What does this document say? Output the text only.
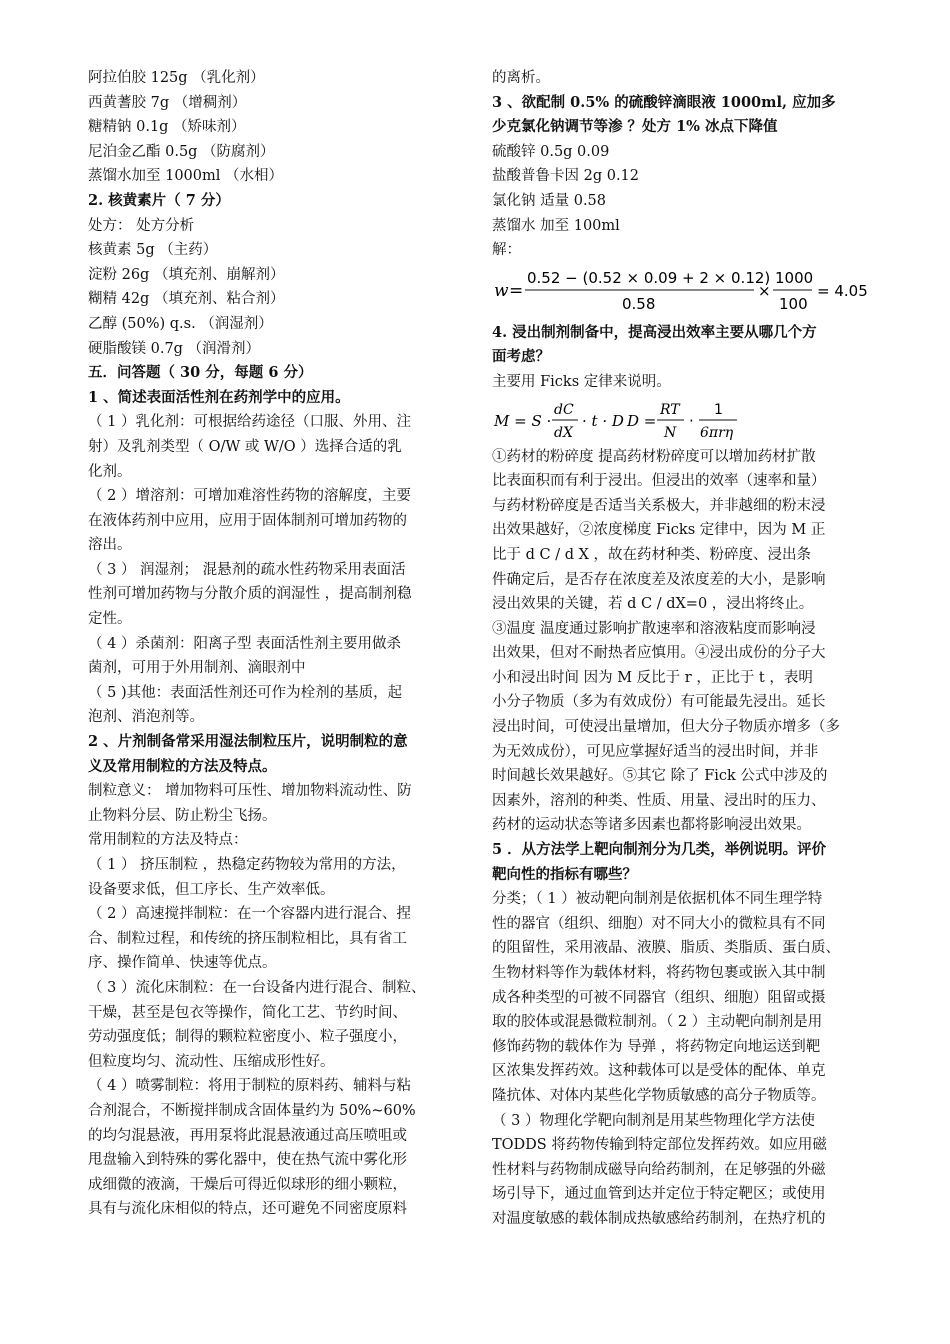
阿拉伯胶 125g （乳化剂）
西黄蓍胶 7g （增稠剂）
糖精钠 0.1g （矫味剂）
尼泊金乙酯 0.5g （防腐剂）
蒸馏水加至 1000ml （水相）
2. 核黄素片（ 7 分）
处方： 处方分析
核黄素 5g （主药）
淀粉 26g （填充剂、崩解剂）
糊精 42g （填充剂、粘合剂）
乙醇 (50%) q.s. （润湿剂）
硬脂酸镁 0.7g （润滑剂）
五．问答题（ 30 分，每题 6 分）
1 、简述表面活性剂在药剂学中的应用。
（ 1 ）乳化剂：可根据给药途径（口服、外用、注
射）及乳剂类型（ O/W 或 W/O ）选择合适的乳
化剂。
（ 2 ）增溶剂：可增加难溶性药物的溶解度，主要
在液体药剂中应用，应用于固体制剂可增加药物的
溶出。
（ 3 ） 润湿剂； 混悬剂的疏水性药物采用表面活
性剂可增加药物与分散介质的润湿性 ，提高制剂稳
定性。
（ 4 ）杀菌剂：阳离子型 表面活性剂主要用做杀
菌剂，可用于外用制剂、滴眼剂中
（ 5 )其他：表面活性剂还可作为栓剂的基质，起
泡剂、消泡剂等。
2 、片剂制备常采用湿法制粒压片，说明制粒的意
义及常用制粒的方法及特点。
制粒意义： 增加物料可压性、增加物料流动性、防
止物料分层、防止粉尘飞扬。
常用制粒的方法及特点：
（ 1 ） 挤压制粒 ，热稳定药物较为常用的方法，
设备要求低，但工序长、生产效率低。
（ 2 ）高速搅拌制粒：在一个容器内进行混合、捏
合、制粒过程，和传统的挤压制粒相比，具有省工
序、操作简单、快速等优点。
（ 3 ）流化床制粒：在一台设备内进行混合、制粒、
干燥，甚至是包衣等操作，简化工艺、节约时间、
劳动强度低；制得的颗粒粒密度小、粒子强度小，
但粒度均匀、流动性、压缩成形性好。
（ 4 ）喷雾制粒：将用于制粒的原料药、辅料与粘
合剂混合，不断搅拌制成含固体量约为 50%~60%
的均匀混悬液，再用泵将此混悬液通过高压喷咀或
甩盘输入到特殊的雾化器中，使在热气流中雾化形
成细微的液滴，干燥后可得近似球形的细小颗粒，
具有与流化床相似的特点，还可避免不同密度原料
的离析。
3 、欲配制 0.5% 的硫酸锌滴眼液 1000ml, 应加多
少克氯化钠调节等渗 ？处方 1% 冰点下降值
硫酸锌 0.5g 0.09
盐酸普鲁卡因 2g 0.12
氯化钠 适量 0.58
蒸馏水 加至 100ml
解：
w =
0.52 − (0.52 × 0.09 + 2 × 0.12)
0.58
×
1000
100
= 4.05
4. 浸出制剂制备中，提高浸出效率主要从哪几个方
面考虑？
主要用 Ficks 定律来说明。
M = S ·
dC
dX
· t · D D =
RT
N
·
1
6πrη
①药材的粉碎度 提高药材粉碎度可以增加药材扩散
比表面积而有利于浸出。但浸出的效率（速率和量）
与药材粉碎度是否适当关系极大，并非越细的粉末浸
出效果越好，②浓度梯度 Ficks 定律中，因为 M 正
比于 d C / d X ，故在药材种类、粉碎度、浸出条
件确定后，是否存在浓度差及浓度差的大小，是影响
浸出效果的关键，若 d C / dX=0 ，浸出将终止。
③温度 温度通过影响扩散速率和溶液粘度而影响浸
出效果，但对不耐热者应慎用。④浸出成份的分子大
小和浸出时间 因为 M 反比于 r ，正比于 t ，表明
小分子物质（多为有效成份）有可能最先浸出。延长
浸出时间，可使浸出量增加，但大分子物质亦增多（多
为无效成份），可见应掌握好适当的浸出时间，并非
时间越长效果越好。⑤其它 除了 Fick 公式中涉及的
因素外，溶剂的种类、性质、用量、浸出时的压力、
药材的运动状态等诸多因素也都将影响浸出效果。
5 ．从方法学上靶向制剂分为几类，举例说明。评价
靶向性的指标有哪些？
分类；（ 1 ）被动靶向制剂是依据机体不同生理学特
性的器官（组织、细胞）对不同大小的微粒具有不同
的阻留性，采用液晶、液膜、脂质、类脂质、蛋白质、
生物材料等作为载体材料，将药物包裹或嵌入其中制
成各种类型的可被不同器官（组织、细胞）阻留或摄
取的胶体或混悬微粒制剂。（ 2 ）主动靶向制剂是用
修饰药物的载体作为 导弹 ，将药物定向地运送到靶
区浓集发挥药效。这种载体可以是受体的配体、单克
隆抗体、对体内某些化学物质敏感的高分子物质等。
（ 3 ）物理化学靶向制剂是用某些物理化学方法使
TODDS 将药物传输到特定部位发挥药效。如应用磁
性材料与药物制成磁导向给药制剂，在足够强的外磁
场引导下，通过血管到达并定位于特定靶区；或使用
对温度敏感的载体制成热敏感给药制剂，在热疗机的
